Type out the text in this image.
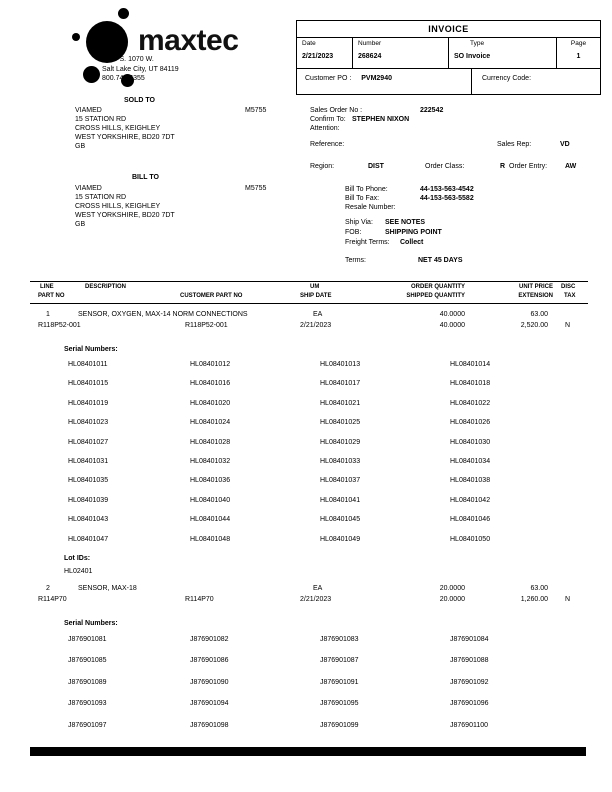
maxtec
2305 S. 1070 W.
Salt Lake City, UT 84119
800.748.5355
INVOICE
Date
2/21/2023
Number
268624
Type
SO Invoice
Page
1
Customer PO : PVM2940	Currency Code:
SOLD TO
VIAMED	M5755
15 STATION RD
CROSS HILLS, KEIGHLEY
WEST YORKSHIRE, BD20 7DT
GB
Sales Order No :	222542
Confirm To: STEPHEN NIXON
Attention:
Reference:	Sales Rep:	VD
Region:	DIST	Order Class:	R Order Entry:	AW
BILL TO
VIAMED	M5755
15 STATION RD
CROSS HILLS, KEIGHLEY
WEST YORKSHIRE, BD20 7DT
GB
Bill To Phone:	44-153-563-4542
Bill To Fax:	44-153-563-5582
Resale Number:
Ship Via: SEE NOTES
FOB:	SHIPPING POINT
Freight Terms: Collect
Terms:	NET 45 DAYS
LINE	DESCRIPTION	UM	ORDER QUANTITY	UNIT PRICE DISC
PART NO	CUSTOMER PART NO	SHIP DATE	SHIPPED QUANTITY	EXTENSION TAX
1	SENSOR, OXYGEN, MAX-14 NORM CONNECTIONS	EA	40.0000	63.00
R118P52-001	R118P52-001	2/21/2023	40.0000	2,520.00 N
Serial Numbers:
HL08401011	HL08401012	HL08401013	HL08401014
HL08401015	HL08401016	HL08401017	HL08401018
HL08401019	HL08401020	HL08401021	HL08401022
HL08401023	HL08401024	HL08401025	HL08401026
HL08401027	HL08401028	HL08401029	HL08401030
HL08401031	HL08401032	HL08401033	HL08401034
HL08401035	HL08401036	HL08401037	HL08401038
HL08401039	HL08401040	HL08401041	HL08401042
HL08401043	HL08401044	HL08401045	HL08401046
HL08401047	HL08401048	HL08401049	HL08401050
Lot IDs:
HL02401
2	SENSOR, MAX-18	EA	20.0000	63.00
R114P70	R114P70	2/21/2023	20.0000	1,260.00 N
Serial Numbers:
J876901081	J876901082	J876901083	J876901084
J876901085	J876901086	J876901087	J876901088
J876901089	J876901090	J876901091	J876901092
J876901093	J876901094	J876901095	J876901096
J876901097	J876901098	J876901099	J876901100
